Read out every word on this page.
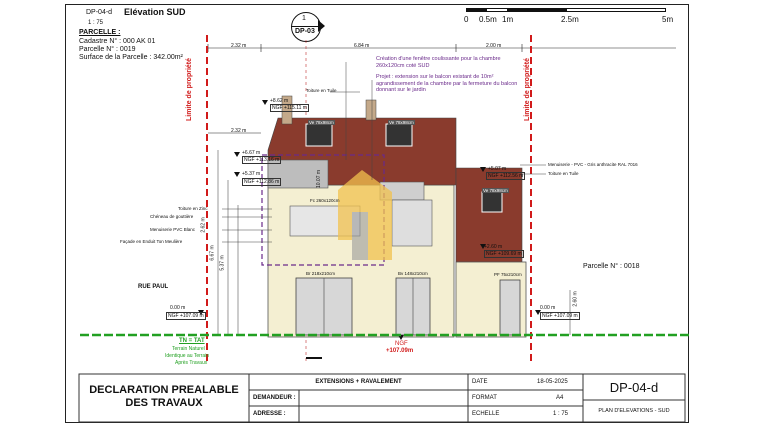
DP-04-d
1 : 75
Elévation SUD
1
DP-03
0 0.5m 1m	2.5m	5m
PARCELLE :
Cadastre N° : 000 AK 01
Parcelle N° : 0019
Surface de la Parcelle : 342.00m²
Limite de propriété	Limite de propriété
2.32 m	6.84 m	2.00 m
2.32 m
6.67 m
5.37 m
2.62 m
2.60 m
10.07 m
0.00 m	0.00 m
+8.62 m
NGF +115.11 m
+6.67 m
NGF +113.16 m
+5.37 m
NGF +112.86 m
+5.07 m
NGF +112.56 m
+2.60 m
NGF +109.69 m
NGF +107.09 m	NGF +107.09 m
NGF
+107.09m
Création d'une fenêtre coulissante pour la chambre 260x120cm coté SUD
Projet : extension sur le balcon existant de 10m² agrandissement de la chambre par la fermeture du balcon donnant sur le jardin
Toiture en Tuile
Toiture en Zinc
Chéneau de gouttière
Menuiserie PVC Blanc
Façade en Enduit Ton Meulière
Menuiserie - PVC - Gris anthracite RAL 7016
Toiture en Tuile
Ve 78x98cm	Ve 78x98cm
Ve 78x98cm
Fc 260x120cm
Br 218x210cm	Bv 148x210cm	PF 75x210cm
RUE PAUL
Parcelle N° : 0018
TN = TAT
Terrain Naturel
Identique au Terrain
Après Travaux
DECLARATION PREALABLE
DES TRAVAUX
EXTENSIONS + RAVALEMENT
DEMANDEUR :
ADRESSE :
DATE	18-05-2025
FORMAT	A4
ECHELLE	1 : 75
DP-04-d
PLAN D'ELEVATIONS - SUD
